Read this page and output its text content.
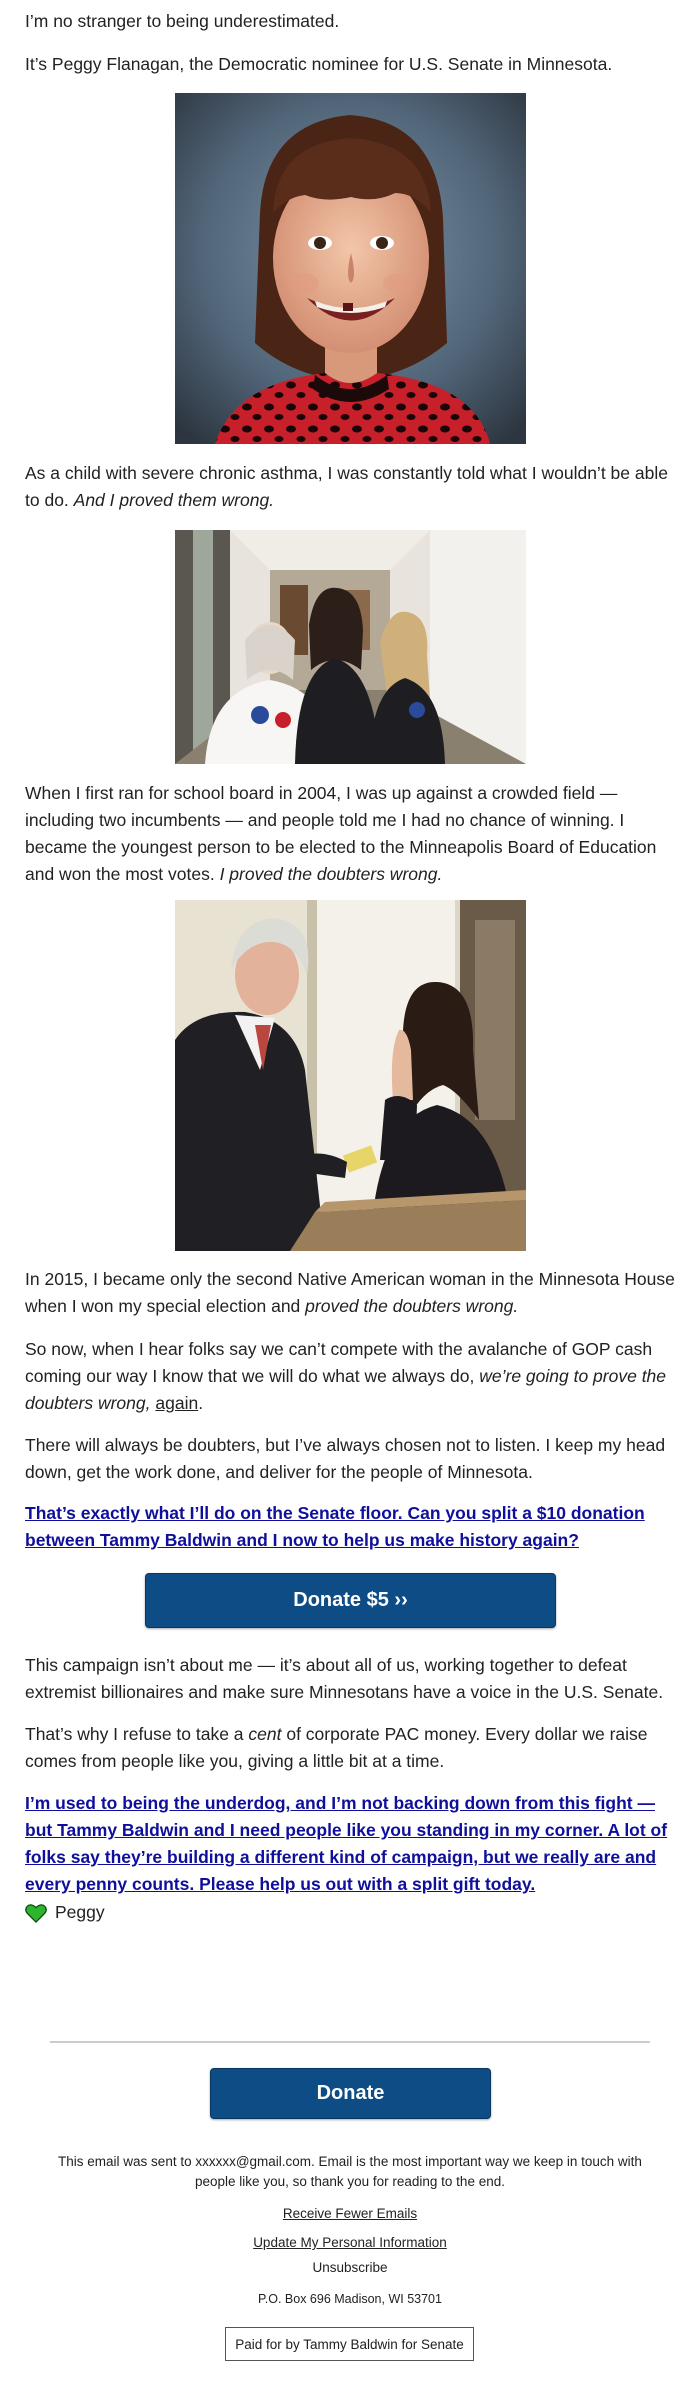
I’m no stranger to being underestimated.

It’s Peggy Flanagan, the Democratic nominee for U.S. Senate in Minnesota.

As a child with severe chronic asthma, I was constantly told what I wouldn’t be able to do. And I proved them wrong.

When I first ran for school board in 2004, I was up against a crowded field — including two incumbents — and people told me I had no chance of winning. I became the youngest person to be elected to the Minneapolis Board of Education and won the most votes. I proved the doubters wrong.

In 2015, I became only the second Native American woman in the Minnesota House when I won my special election and proved the doubters wrong.

So now, when I hear folks say we can’t compete with the avalanche of GOP cash coming our way I know that we will do what we always do, we’re going to prove the doubters wrong, again.

There will always be doubters, but I’ve always chosen not to listen. I keep my head down, get the work done, and deliver for the people of Minnesota.

That’s exactly what I’ll do on the Senate floor. Can you split a $10 donation between Tammy Baldwin and I now to help us make history again?
Donate $5 ››

This campaign isn’t about me — it’s about all of us, working together to defeat extremist billionaires and make sure Minnesotans have a voice in the U.S. Senate.

That’s why I refuse to take a cent of corporate PAC money. Every dollar we raise comes from people like you, giving a little bit at a time.

I’m used to being the underdog, and I’m not backing down from this fight — but Tammy Baldwin and I need people like you standing in my corner. A lot of folks say they’re building a different kind of campaign, but we really are and every penny counts. Please help us out with a split gift today.
Peggy
Donate
This email was sent to xxxxxx@gmail.com. Email is the most important way we keep in touch with people like you, so thank you for reading to the end.
Receive Fewer Emails
Update My Personal Information
Unsubscribe
P.O. Box 696 Madison, WI 53701
Paid for by Tammy Baldwin for Senate
